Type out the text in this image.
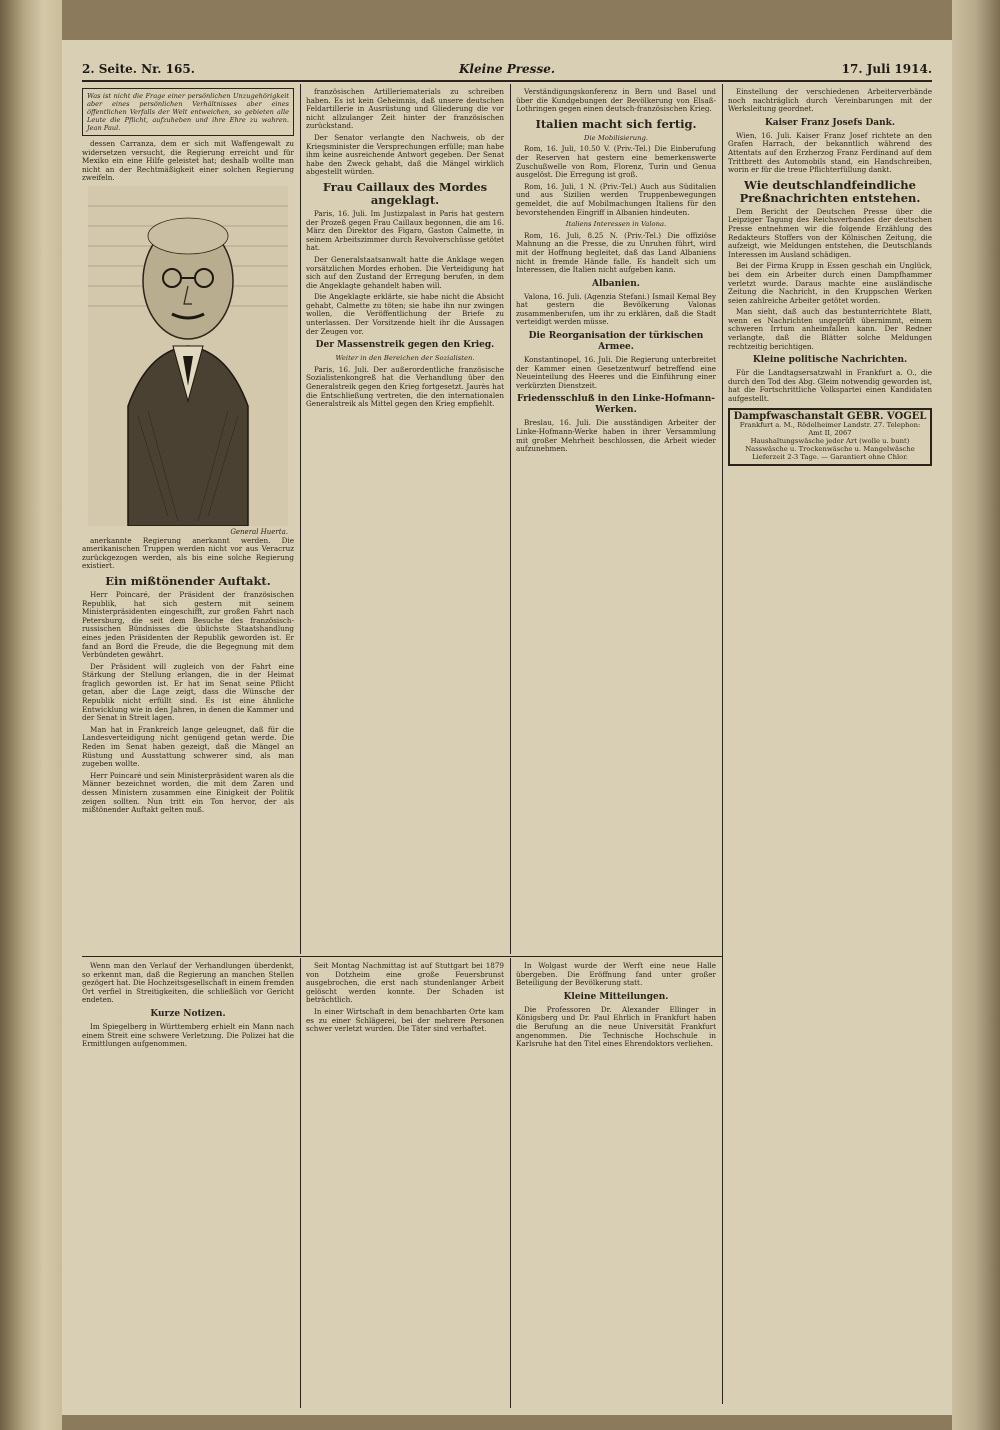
2. Seite. Nr. 165.	Kleine Presse.	17. Juli 1914.
Was ist nicht die Frage einer persönlichen Unzugehörigkeit aber eines persönlichen Verhältnisses aber eines öffentlichen Verfalls der Welt entweichen, so gebieten alle Leute die Pflicht, aufzuheben und ihre Ehre zu wahren. Jean Paul.

dessen Carranza, dem er sich mit Waffengewalt zu widersetzen versucht, die Regierung erreicht und für Mexiko ein eine Hilfe geleistet hat; deshalb wollte man nicht an der Rechtmäßigkeit einer solchen Regierung zweifeln.

General Huerta.

anerkannte Regierung anerkannt werden. Die amerikanischen Truppen werden nicht vor aus Veracruz zurückgezogen werden, als bis eine solche Regierung existiert.

Ein mißtönender Auftakt.

Herr Poincaré, der Präsident der französischen Republik, hat sich gestern mit seinem Ministerpräsidenten eingeschifft, zur großen Fahrt nach Petersburg, die seit dem Besuche des französisch-russischen Bündnisses die üblichste Staatshandlung eines jeden Präsidenten der Republik geworden ist. Er fand an Bord die Freude, die die Begegnung mit dem Verbündeten gewährt.

Der Präsident will zugleich von der Fahrt eine Stärkung der Stellung erlangen, die in der Heimat fraglich geworden ist. Er hat im Senat seine Pflicht getan, aber die Lage zeigt, dass die Wünsche der Republik nicht erfüllt sind. Es ist eine ähnliche Entwicklung wie in den Jahren, in denen die Kammer und der Senat in Streit lagen.

Man hat in Frankreich lange geleugnet, daß für die Landesverteidigung nicht genügend getan werde. Die Reden im Senat haben gezeigt, daß die Mängel an Rüstung und Ausstattung schwerer sind, als man zugeben wollte.

Herr Poincaré und sein Ministerpräsident waren als die Männer bezeichnet worden, die mit dem Zaren und dessen Ministern zusammen eine Einigkeit der Politik zeigen sollten. Nun tritt ein Ton hervor, der als mißtönender Auftakt gelten muß.

französischen Artilleriematerials zu schreiben haben. Es ist kein Geheimnis, daß unsere deutschen Feldartillerie in Ausrüstung und Gliederung die vor nicht allzulanger Zeit hinter der französischen zurückstand.

Der Senator verlangte den Nachweis, ob der Kriegsminister die Versprechungen erfülle; man habe ihm keine ausreichende Antwort gegeben. Der Senat habe den Zweck gehabt, daß die Mängel wirklich abgestellt würden.

Frau Caillaux des Mordes angeklagt.

Paris, 16. Juli. Im Justizpalast in Paris hat gestern der Prozeß gegen Frau Caillaux begonnen, die am 16. März den Direktor des Figaro, Gaston Calmette, in seinem Arbeitszimmer durch Revolverschüsse getötet hat.

Der Generalstaatsanwalt hatte die Anklage wegen vorsätzlichen Mordes erhoben. Die Verteidigung hat sich auf den Zustand der Erregung berufen, in dem die Angeklagte gehandelt haben will.

Die Angeklagte erklärte, sie habe nicht die Absicht gehabt, Calmette zu töten; sie habe ihn nur zwingen wollen, die Veröffentlichung der Briefe zu unterlassen. Der Vorsitzende hielt ihr die Aussagen der Zeugen vor.

Der Massenstreik gegen den Krieg.
Weiter in den Bereichen der Sozialisten.

Paris, 16. Juli. Der außerordentliche französische Sozialistenkongreß hat die Verhandlung über den Generalstreik gegen den Krieg fortgesetzt. Jaurès hat die Entschließung vertreten, die den internationalen Generalstreik als Mittel gegen den Krieg empfiehlt.

Verständigungskonferenz in Bern und Basel und über die Kundgebungen der Bevölkerung von Elsaß-Lothringen gegen einen deutsch-französischen Krieg.

Italien macht sich fertig.
Die Mobilisierung.

Rom, 16. Juli, 10.50 V. (Priv.-Tel.) Die Einberufung der Reserven hat gestern eine bemerkenswerte Zuschußwelle von Rom, Florenz, Turin und Genua ausgelöst. Die Erregung ist groß.

Rom, 16. Juli, 1 N. (Priv.-Tel.) Auch aus Süditalien und aus Sizilien werden Truppenbewegungen gemeldet, die auf Mobilmachungen Italiens für den bevorstehenden Eingriff in Albanien hindeuten.

Italiens Interessen in Valona.

Rom, 16. Juli, 8.25 N. (Priv.-Tel.) Die offiziöse Mahnung an die Presse, die zu Unruhen führt, wird mit der Hoffnung begleitet, daß das Land Albaniens nicht in fremde Hände falle. Es handelt sich um Interessen, die Italien nicht aufgeben kann.

Albanien.

Valona, 16. Juli. (Agenzia Stefani.) Ismail Kemal Bey hat gestern die Bevölkerung Valonas zusammenberufen, um ihr zu erklären, daß die Stadt verteidigt werden müsse.

Die Reorganisation der türkischen Armee.

Konstantinopel, 16. Juli. Die Regierung unterbreitet der Kammer einen Gesetzentwurf betreffend eine Neueinteilung des Heeres und die Einführung einer verkürzten Dienstzeit.

Friedensschluß in den Linke-Hofmann-Werken.

Breslau, 16. Juli. Die ausständigen Arbeiter der Linke-Hofmann-Werke haben in ihrer Versammlung mit großer Mehrheit beschlossen, die Arbeit wieder aufzunehmen.

Einstellung der verschiedenen Arbeiterverbände noch nachträglich durch Vereinbarungen mit der Werksleitung geordnet.

Kaiser Franz Josefs Dank.

Wien, 16. Juli. Kaiser Franz Josef richtete an den Grafen Harrach, der bekanntlich während des Attentats auf den Erzherzog Franz Ferdinand auf dem Trittbrett des Automobils stand, ein Handschreiben, worin er für die treue Pflichterfüllung dankt.

Wie deutschlandfeindliche Preßnachrichten entstehen.

Dem Bericht der Deutschen Presse über die Leipziger Tagung des Reichsverbandes der deutschen Presse entnehmen wir die folgende Erzählung des Redakteurs Stoffers von der Kölnischen Zeitung, die aufzeigt, wie Meldungen entstehen, die Deutschlands Interessen im Ausland schädigen.

Bei der Firma Krupp in Essen geschah ein Unglück, bei dem ein Arbeiter durch einen Dampfhammer verletzt wurde. Daraus machte eine ausländische Zeitung die Nachricht, in den Kruppschen Werken seien zahlreiche Arbeiter getötet worden.

Man sieht, daß auch das bestunterrichtete Blatt, wenn es Nachrichten ungeprüft übernimmt, einem schweren Irrtum anheimfallen kann. Der Redner verlangte, daß die Blätter solche Meldungen rechtzeitig berichtigen.

Kleine politische Nachrichten.

Für die Landtagsersatzwahl in Frankfurt a. O., die durch den Tod des Abg. Gleim notwendig geworden ist, hat die Fortschrittliche Volkspartei einen Kandidaten aufgestellt.

Dampfwaschanstalt GEBR. VOGEL
Frankfurt a. M., Rödelheimer Landstr. 27. Telephon: Amt II, 2067
Haushaltungswäsche jeder Art (wolle u. bunt)
Nasswäsche u. Trockenwäsche u. Mangelwäsche
Lieferzeit 2-3 Tage. — Garantiert ohne Chlor.

Wenn man den Verlauf der Verhandlungen überdenkt, so erkennt man, daß die Regierung an manchen Stellen gezögert hat. Die Hochzeitsgesellschaft in einem fremden Ort verfiel in Streitigkeiten, die schließlich vor Gericht endeten.

Kurze Notizen.

Im Spiegelberg in Württemberg erhielt ein Mann nach einem Streit eine schwere Verletzung. Die Polizei hat die Ermittlungen aufgenommen.

Seit Montag Nachmittag ist auf Stuttgart bei 1879 von Dotzheim eine große Feuersbrunst ausgebrochen, die erst nach stundenlanger Arbeit gelöscht werden konnte. Der Schaden ist beträchtlich.

In einer Wirtschaft in dem benachbarten Orte kam es zu einer Schlägerei, bei der mehrere Personen schwer verletzt wurden. Die Täter sind verhaftet.

In Wolgast wurde der Werft eine neue Halle übergeben. Die Eröffnung fand unter großer Beteiligung der Bevölkerung statt.

Kleine Mitteilungen.

Die Professoren Dr. Alexander Ellinger in Königsberg und Dr. Paul Ehrlich in Frankfurt haben die Berufung an die neue Universität Frankfurt angenommen. Die Technische Hochschule in Karlsruhe hat den Titel eines Ehrendoktors verliehen.
